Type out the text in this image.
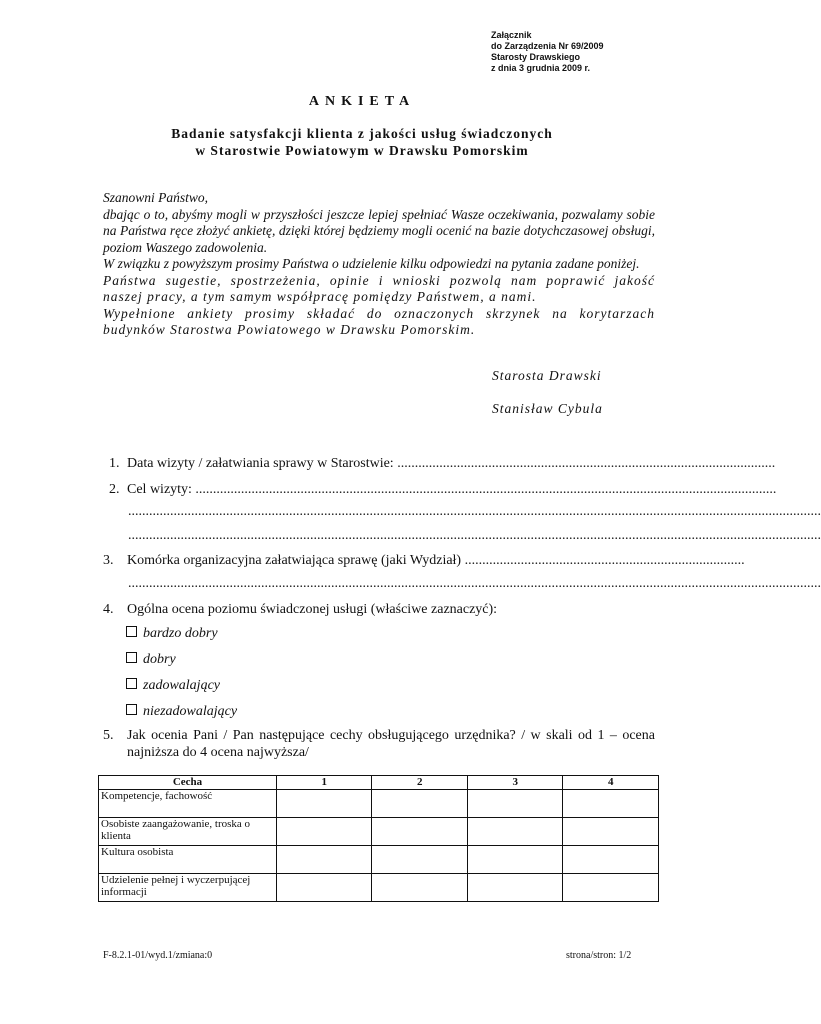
Załącznik
do Zarządzenia Nr 69/2009
Starosty Drawskiego
z dnia 3 grudnia 2009 r.
ANKIETA
Badanie satysfakcji klienta z jakości usług świadczonych
w Starostwie Powiatowym w Drawsku Pomorskim

Szanowni Państwo,

dbając o to, abyśmy mogli w przyszłości jeszcze lepiej spełniać Wasze oczekiwania, pozwalamy sobie na Państwa ręce złożyć ankietę, dzięki której będziemy mogli ocenić na bazie dotychczasowej obsługi, poziom Waszego zadowolenia.

W związku z powyższym prosimy Państwa o udzielenie kilku odpowiedzi na pytania zadane poniżej.

Państwa sugestie, spostrzeżenia, opinie i wnioski pozwolą nam poprawić jakość naszej pracy, a tym samym współpracę pomiędzy Państwem, a nami.

Wypełnione ankiety prosimy składać do oznaczonych skrzynek na korytarzach budynków Starostwa Powiatowego w Drawsku Pomorskim.

Starosta Drawski
Stanisław Cybula
1. Data wizyty / załatwiania sprawy w Starostwie: ............................................................................................................
2. Cel wizyty: ......................................................................................................................................................................
......................................................................................................................................................................................................
......................................................................................................................................................................................................
3. Komórka organizacyjna załatwiająca sprawę (jaki Wydział) ................................................................................
......................................................................................................................................................................................................
4. Ogólna ocena poziomu świadczonej usługi (właściwe zaznaczyć):
bardzo dobry
dobry
zadowalający
niezadowalający
5. Jak ocenia Pani / Pan następujące cechy obsługującego urzędnika? / w skali od 1 – ocena najniższa do 4 ocena najwyższa/
Cecha	1	2	3	4
Kompetencje, fachowość				
Osobiste zaangażowanie, troska o klienta				
Kultura osobista				
Udzielenie pełnej i wyczerpującej informacji				
F-8.2.1-01/wyd.1/zmiana:0	strona/stron: 1/2
